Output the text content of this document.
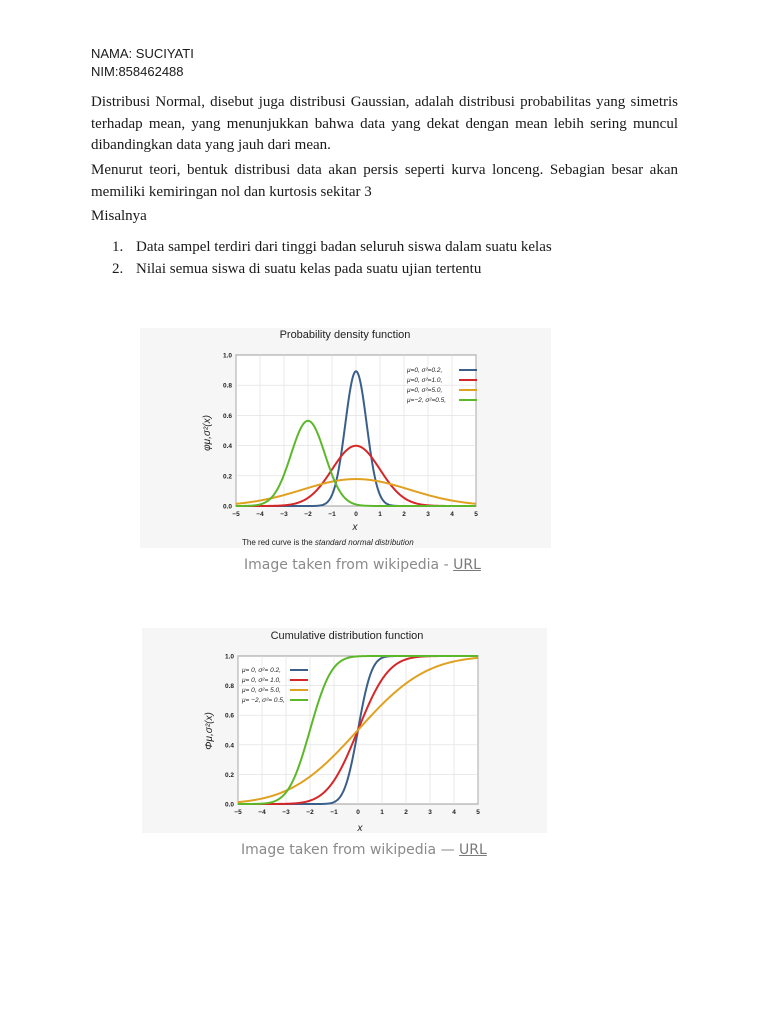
NAMA: SUCIYATI
NIM:858462488

Distribusi Normal, disebut juga distribusi Gaussian, adalah distribusi probabilitas yang simetris terhadap mean, yang menunjukkan bahwa data yang dekat dengan mean lebih sering muncul dibandingkan data yang jauh dari mean.

Menurut teori, bentuk distribusi data akan persis seperti kurva lonceng. Sebagian besar akan memiliki kemiringan nol dan kurtosis sekitar 3

Misalnya
1. Data sampel terdiri dari tinggi badan seluruh siswa dalam suatu kelas
2. Nilai semua siswa di suatu kelas pada suatu ujian tertentu
Probability density function
−5	−4	−3	−2	−1	0	1	2	3	4	5
0.0
0.2
0.4
0.6
0.8
1.0
μ=0, σ²=0.2,
μ=0, σ²=1.0,
μ=0, σ²=5.0,
μ=−2, σ²=0.5,
x
φμ,σ²(x)
The red curve is the standard normal distribution
Image taken from wikipedia - URL
Cumulative distribution function
−5	−4	−3	−2	−1	0	1	2	3	4	5
0.0
0.2
0.4
0.6
0.8
1.0
μ= 0, σ²= 0.2,
μ= 0, σ²= 1.0,
μ= 0, σ²= 5.0,
μ= −2, σ²= 0.5,
x
Φμ,σ²(x)
Image taken from wikipedia — URL
